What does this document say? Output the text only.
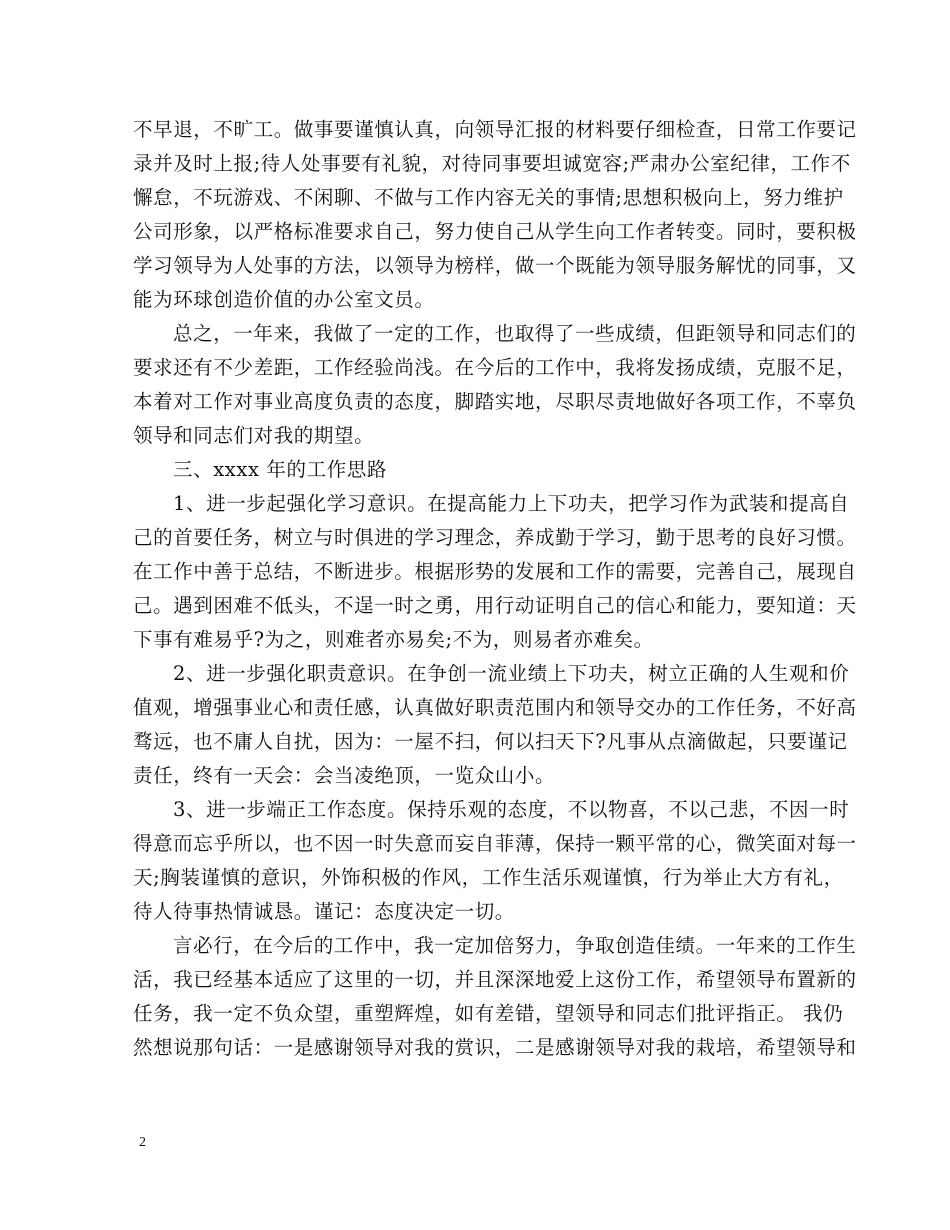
不早退，不旷工。做事要谨慎认真，向领导汇报的材料要仔细检查，日常工作要记
录并及时上报;待人处事要有礼貌，对待同事要坦诚宽容;严肃办公室纪律，工作不
懈怠，不玩游戏、不闲聊、不做与工作内容无关的事情;思想积极向上，努力维护
公司形象，以严格标准要求自己，努力使自己从学生向工作者转变。同时，要积极
学习领导为人处事的方法，以领导为榜样，做一个既能为领导服务解忧的同事，又
能为环球创造价值的办公室文员。
总之，一年来，我做了一定的工作，也取得了一些成绩，但距领导和同志们的
要求还有不少差距，工作经验尚浅。在今后的工作中，我将发扬成绩，克服不足，
本着对工作对事业高度负责的态度，脚踏实地，尽职尽责地做好各项工作，不辜负
领导和同志们对我的期望。
三、xxxx 年的工作思路
1、进一步起强化学习意识。在提高能力上下功夫，把学习作为武装和提高自
己的首要任务，树立与时俱进的学习理念，养成勤于学习，勤于思考的良好习惯。
在工作中善于总结，不断进步。根据形势的发展和工作的需要，完善自己，展现自
己。遇到困难不低头，不逞一时之勇，用行动证明自己的信心和能力，要知道：天
下事有难易乎?为之，则难者亦易矣;不为，则易者亦难矣。
2、进一步强化职责意识。在争创一流业绩上下功夫，树立正确的人生观和价
值观，增强事业心和责任感，认真做好职责范围内和领导交办的工作任务，不好高
骛远，也不庸人自扰，因为：一屋不扫，何以扫天下?凡事从点滴做起，只要谨记
责任，终有一天会：会当凌绝顶，一览众山小。
3、进一步端正工作态度。保持乐观的态度，不以物喜，不以己悲，不因一时
得意而忘乎所以，也不因一时失意而妄自菲薄，保持一颗平常的心，微笑面对每一
天;胸装谨慎的意识，外饰积极的作风，工作生活乐观谨慎，行为举止大方有礼，
待人待事热情诚恳。谨记：态度决定一切。
言必行，在今后的工作中，我一定加倍努力，争取创造佳绩。一年来的工作生
活，我已经基本适应了这里的一切，并且深深地爱上这份工作，希望领导布置新的
任务，我一定不负众望，重塑辉煌，如有差错，望领导和同志们批评指正。 我仍
然想说那句话：一是感谢领导对我的赏识，二是感谢领导对我的栽培，希望领导和
2
